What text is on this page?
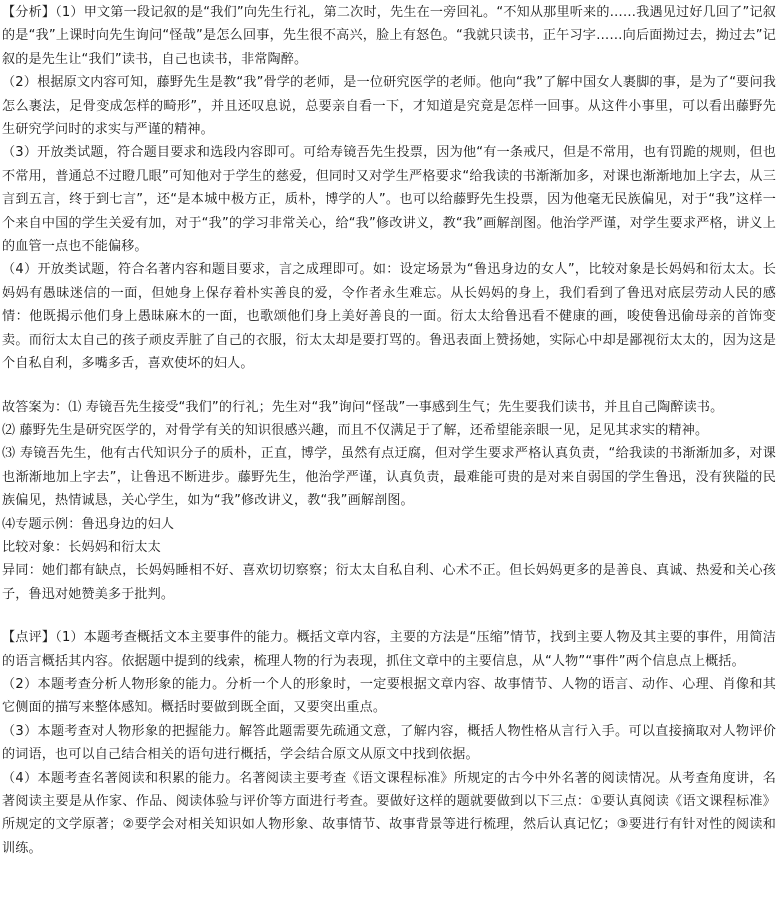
【分析】（1）甲文第一段记叙的是“我们”向先生行礼，第二次时，先生在一旁回礼。“不知从那里听来的……我遇见过好几回了”记叙的是“我”上课时向先生询问“怪哉”是怎么回事，先生很不高兴，脸上有怒色。“我就只读书，正午习字……向后面拗过去，拗过去”记叙的是先生让“我们”读书，自己也读书，非常陶醉。

（2）根据原文内容可知，藤野先生是教“我”骨学的老师，是一位研究医学的老师。他向“我”了解中国女人裹脚的事，是为了“要问我怎么裹法，足骨变成怎样的畸形”，并且还叹息说，总要亲自看一下，才知道是究竟是怎样一回事。从这件小事里，可以看出藤野先生研究学问时的求实与严谨的精神。

（3）开放类试题，符合题目要求和选段内容即可。可给寿镜吾先生投票，因为他“有一条戒尺，但是不常用，也有罚跪的规则，但也不常用，普通总不过瞪几眼”可知他对于学生的慈爱，但同时又对学生严格要求“给我读的书渐渐加多，对课也渐渐地加上字去，从三言到五言，终于到七言”，还“是本城中极方正，质朴，博学的人”。也可以给藤野先生投票，因为他毫无民族偏见，对于“我”这样一个来自中国的学生关爱有加，对于“我”的学习非常关心，给“我”修改讲义，教“我”画解剖图。他治学严谨，对学生要求严格，讲义上的血管一点也不能偏移。

（4）开放类试题，符合名著内容和题目要求，言之成理即可。如：设定场景为“鲁迅身边的女人”，比较对象是长妈妈和衍太太。长妈妈有愚昧迷信的一面，但她身上保存着朴实善良的爱，令作者永生难忘。从长妈妈的身上，我们看到了鲁迅对底层劳动人民的感情：他既揭示他们身上愚昧麻木的一面，也歌颂他们身上美好善良的一面。衍太太给鲁迅看不健康的画，唆使鲁迅偷母亲的首饰变卖。而衍太太自己的孩子顽皮弄脏了自己的衣服，衍太太却是要打骂的。鲁迅表面上赞扬她，实际心中却是鄙视衍太太的，因为这是个自私自利，多嘴多舌，喜欢使坏的妇人。

故答案为：⑴ 寿镜吾先生接受“我们”的行礼；先生对“我”询问“怪哉”一事感到生气；先生要我们读书，并且自己陶醉读书。

⑵ 藤野先生是研究医学的，对骨学有关的知识很感兴趣，而且不仅满足于了解，还希望能亲眼一见，足见其求实的精神。

⑶ 寿镜吾先生，他有古代知识分子的质朴，正直，博学，虽然有点迂腐，但对学生要求严格认真负责，“给我读的书渐渐加多，对课也渐渐地加上字去”，让鲁迅不断进步。藤野先生，他治学严谨，认真负责，最难能可贵的是对来自弱国的学生鲁迅，没有狭隘的民族偏见，热情诚恳，关心学生，如为“我”修改讲义，教“我”画解剖图。

⑷专题示例：鲁迅身边的妇人

比较对象：长妈妈和衍太太

异同：她们都有缺点，长妈妈睡相不好、喜欢切切察察；衍太太自私自利、心术不正。但长妈妈更多的是善良、真诚、热爱和关心孩子，鲁迅对她赞美多于批判。

【点评】（1）本题考查概括文本主要事件的能力。概括文章内容，主要的方法是“压缩”情节，找到主要人物及其主要的事件，用简洁的语言概括其内容。依据题中提到的线索，梳理人物的行为表现，抓住文章中的主要信息，从“人物”“事件”两个信息点上概括。

（2）本题考查分析人物形象的能力。分析一个人的形象时，一定要根据文章内容、故事情节、人物的语言、动作、心理、肖像和其它侧面的描写来整体感知。概括时要做到既全面，又要突出重点。

（3）本题考查对人物形象的把握能力。解答此题需要先疏通文意，了解内容，概括人物性格从言行入手。可以直接摘取对人物评价的词语，也可以自己结合相关的语句进行概括，学会结合原文从原文中找到依据。

（4）本题考查名著阅读和积累的能力。名著阅读主要考查《语文课程标准》所规定的古今中外名著的阅读情况。从考查角度讲，名著阅读主要是从作家、作品、阅读体验与评价等方面进行考查。要做好这样的题就要做到以下三点：①要认真阅读《语文课程标准》所规定的文学原著；②要学会对相关知识如人物形象、故事情节、故事背景等进行梳理，然后认真记忆；③要进行有针对性的阅读和训练。
